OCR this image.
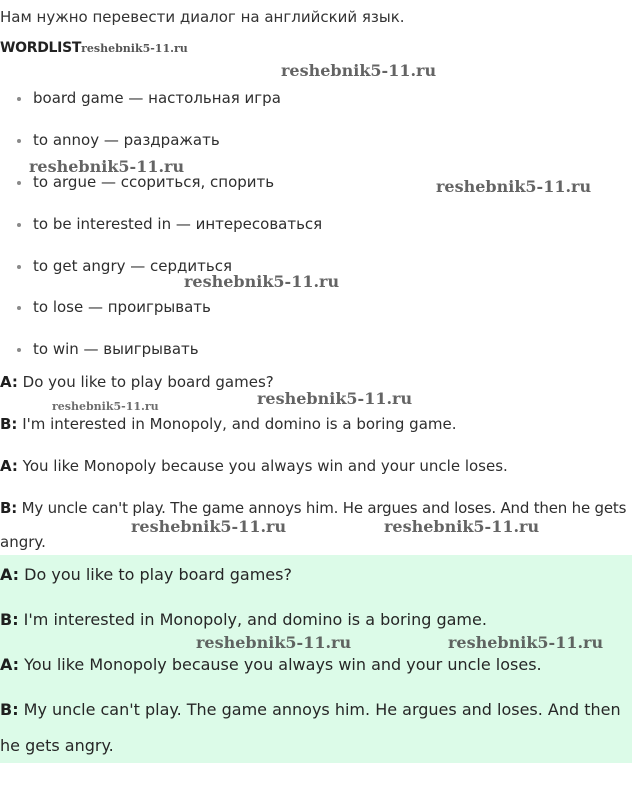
Нам нужно перевести диалог на английский язык.
WORDLISTreshebnik5-11.ru
board game — настольная игра
to annoy — раздражать
to argue — ссориться, спорить
to be interested in — интересоваться
to get angry — сердиться
to lose — проигрывать
to win — выигрывать
A: Do you like to play board games?
B: I'm interested in Monopoly, and domino is a boring game.
A: You like Monopoly because you always win and your uncle loses.
B: My uncle can't play. The game annoys him. He argues and loses. And then he gets
angry.
A: Do you like to play board games?
B: I'm interested in Monopoly, and domino is a boring game.
A: You like Monopoly because you always win and your uncle loses.
B: My uncle can't play. The game annoys him. He argues and loses. And then
he gets angry.
reshebnik5-11.ru
reshebnik5-11.ru
reshebnik5-11.ru
reshebnik5-11.ru
reshebnik5-11.ru
reshebnik5-11.ru
reshebnik5-11.ru	reshebnik5-11.ru
reshebnik5-11.ru	reshebnik5-11.ru
